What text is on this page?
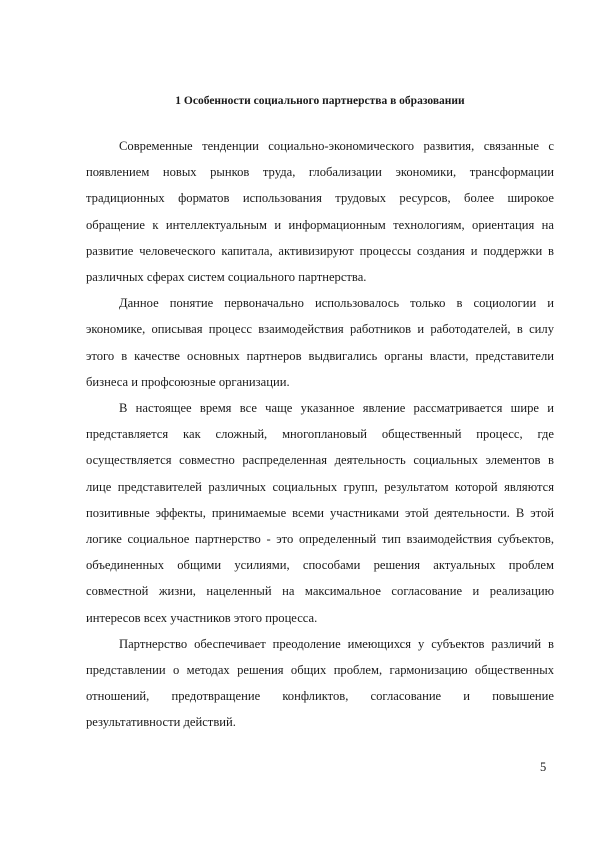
1 Особенности социального партнерства в образовании

Современные тенденции социально-экономического развития, связанные с появлением новых рынков труда, глобализации экономики, трансформации традиционных форматов использования трудовых ресурсов, более широкое обращение к интеллектуальным и информационным технологиям, ориентация на развитие человеческого капитала, активизируют процессы создания и поддержки в различных сферах систем социального партнерства.

Данное понятие первоначально использовалось только в социологии и экономике, описывая процесс взаимодействия работников и работодателей, в силу этого в качестве основных партнеров выдвигались органы власти, представители бизнеса и профсоюзные организации.

В настоящее время все чаще указанное явление рассматривается шире и представляется как сложный, многоплановый общественный процесс, где осуществляется совместно распределенная деятельность социальных элементов в лице представителей различных социальных групп, результатом которой являются позитивные эффекты, принимаемые всеми участниками этой деятельности. В этой логике социальное партнерство - это определенный тип взаимодействия субъектов, объединенных общими усилиями, способами решения актуальных проблем совместной жизни, нацеленный на максимальное согласование и реализацию интересов всех участников этого процесса.

Партнерство обеспечивает преодоление имеющихся у субъектов различий в представлении о методах решения общих проблем, гармонизацию общественных отношений, предотвращение конфликтов, согласование и повышение результативности действий.

5
